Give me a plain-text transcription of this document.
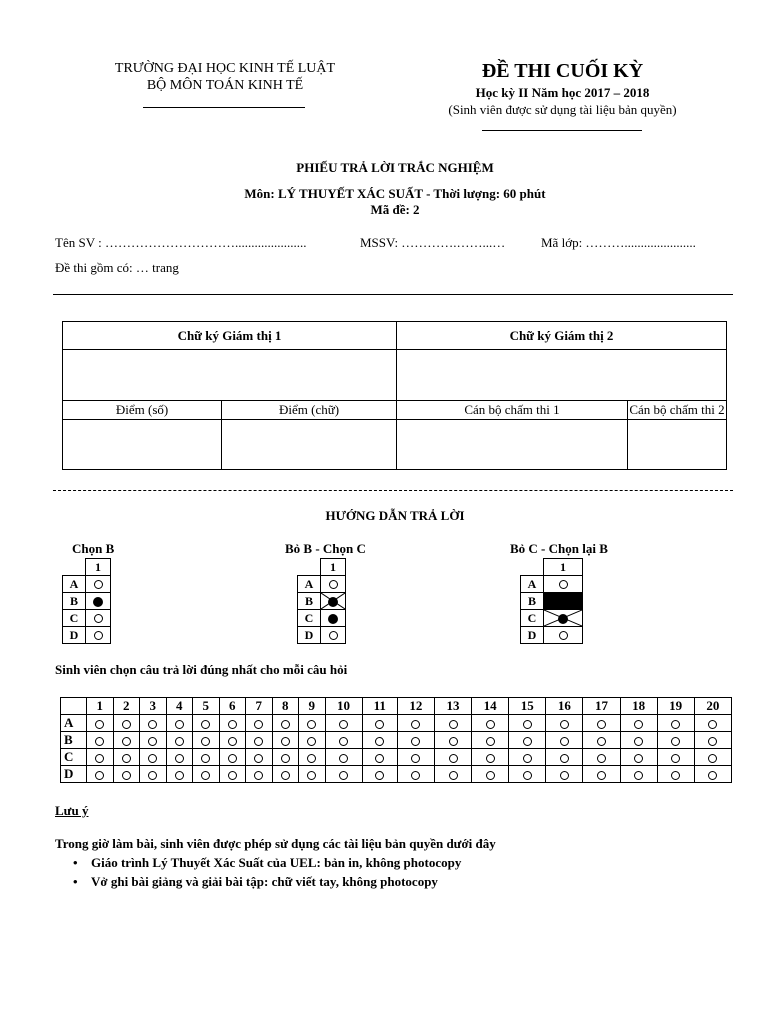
TRƯỜNG ĐẠI HỌC KINH TẾ LUẬT
BỘ MÔN TOÁN KINH TẾ
ĐỀ THI CUỐI KỲ
Học kỳ II Năm học 2017 – 2018
(Sinh viên được sử dụng tài liệu bản quyền)
PHIẾU TRẢ LỜI TRẮC NGHIỆM
Môn: LÝ THUYẾT XÁC SUẤT - Thời lượng: 60 phút
Mã đề: 2
Tên SV : …………………………......................	MSSV: ………….……...…	Mã lớp: ………......................
Đề thi gồm có: … trang
Chữ ký Giám thị 1		Chữ ký Giám thị 2	

Điểm (số)	Điểm (chữ)	Cán bộ chấm thi 1	Cán bộ chấm thi 2

HƯỚNG DẪN TRẢ LỜI
Chọn B	Bỏ B - Chọn C	Bỏ C - Chọn lại B
	1
A	
B	
C	
D	
	1
A	
B	

C	
D	
	1
A	
B	
C	

D	
Sinh viên chọn câu trả lời đúng nhất cho mỗi câu hỏi
	1	2	3	4	5	6	7	8	9	10	11	12	13	14	15	16	17	18	19	20
A																				
B																				
C																				
D																				
Lưu ý
Trong giờ làm bài, sinh viên được phép sử dụng các tài liệu bản quyền dưới đây
• Giáo trình Lý Thuyết Xác Suất của UEL: bản in, không photocopy
• Vở ghi bài giảng và giải bài tập: chữ viết tay, không photocopy
